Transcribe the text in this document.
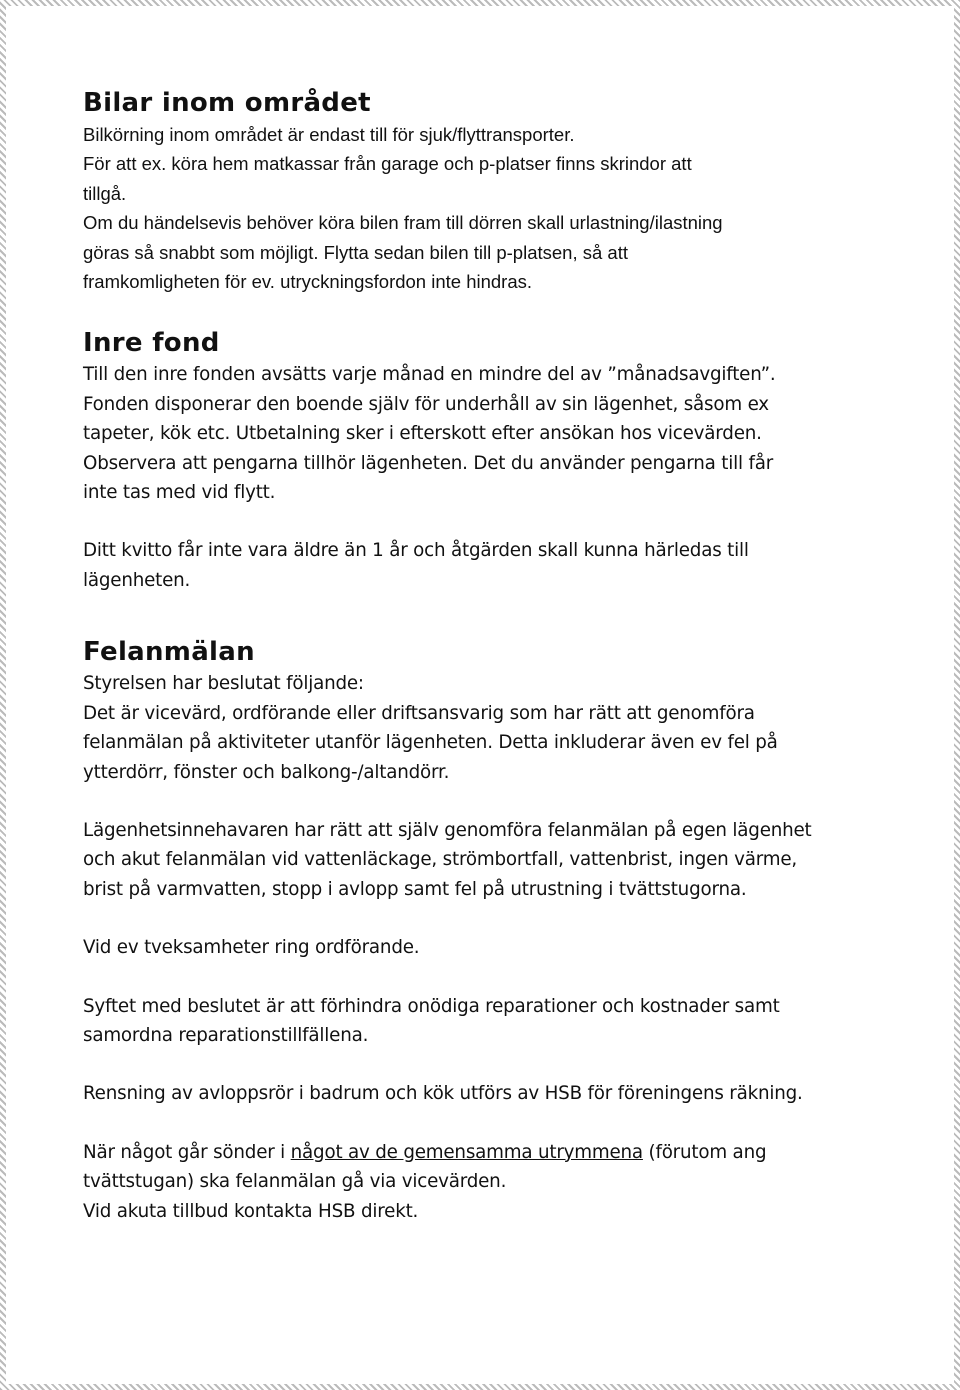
Bilar inom området

Bilkörning inom området är endast till för sjuk/flyttransporter.

För att ex. köra hem matkassar från garage och p-platser finns skrindor att

tillgå.

Om du händelsevis behöver köra bilen fram till dörren skall urlastning/ilastning

göras så snabbt som möjligt. Flytta sedan bilen till p-platsen, så att

framkomligheten för ev. utryckningsfordon inte hindras.

Inre fond

Till den inre fonden avsätts varje månad en mindre del av ”månadsavgiften”.

Fonden disponerar den boende själv för underhåll av sin lägenhet, såsom ex

tapeter, kök etc. Utbetalning sker i efterskott efter ansökan hos vicevärden.

Observera att pengarna tillhör lägenheten. Det du använder pengarna till får

inte tas med vid flytt.

Ditt kvitto får inte vara äldre än 1 år och åtgärden skall kunna härledas till

lägenheten.

Felanmälan

Styrelsen har beslutat följande:

Det är vicevärd, ordförande eller driftsansvarig som har rätt att genomföra

felanmälan på aktiviteter utanför lägenheten. Detta inkluderar även ev fel på

ytterdörr, fönster och balkong-/altandörr.

Lägenhetsinnehavaren har rätt att själv genomföra felanmälan på egen lägenhet

och akut felanmälan vid vattenläckage, strömbortfall, vattenbrist, ingen värme,

brist på varmvatten, stopp i avlopp samt fel på utrustning i tvättstugorna.

Vid ev tveksamheter ring ordförande.

Syftet med beslutet är att förhindra onödiga reparationer och kostnader samt

samordna reparationstillfällena.

Rensning av avloppsrör i badrum och kök utförs av HSB för föreningens räkning.

När något går sönder i något av de gemensamma utrymmena (förutom ang

tvättstugan) ska felanmälan gå via vicevärden.

Vid akuta tillbud kontakta HSB direkt.
